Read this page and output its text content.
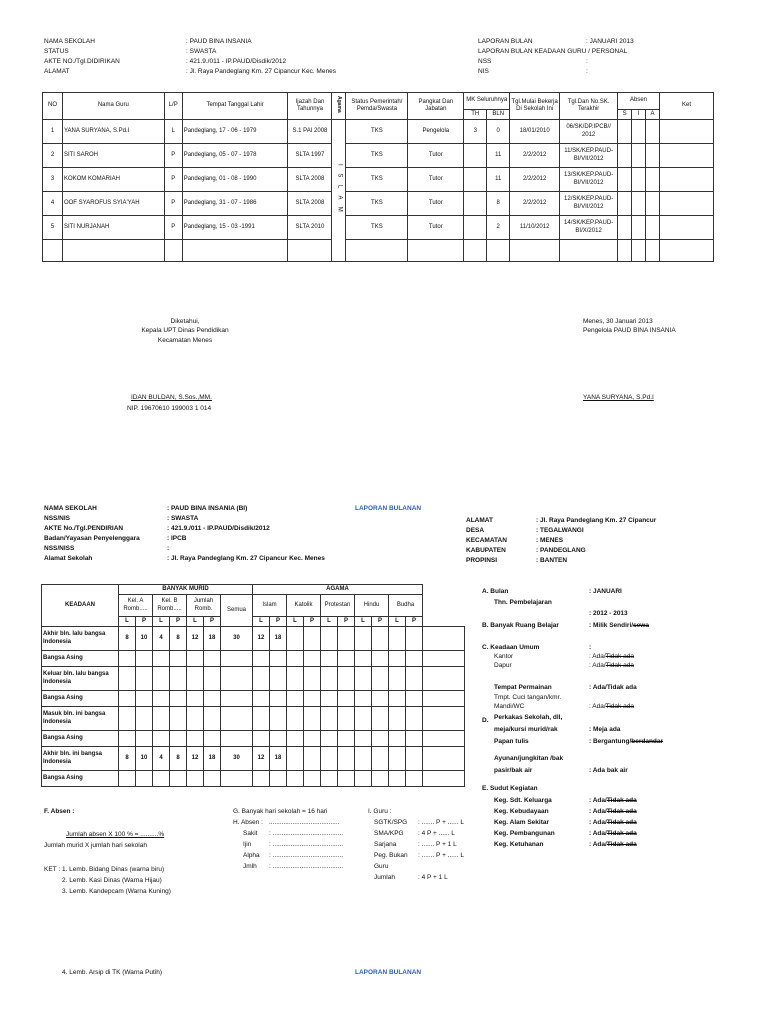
NAMA SEKOLAH	: PAUD BINA INSANIA
STATUS	: SWASTA
AKTE NO./Tgl.DIDIRIKAN	: 421.9./011 - IP.PAUD/Disdik/2012
ALAMAT	: Jl. Raya Pandeglang Km. 27 Cipancur Kec. Menes
LAPORAN BULAN	: JANUARI 2013
LAPORAN BULAN KEADAAN GURU / PERSONAL
NSS	:
NIS	:
NO	Nama Guru	L/P	Tempat Tanggal Lahir	Ijazah Dan Tahunnya	Agama	Status Pemerintah/ Pemda/Swasta	Pangkat Dan Jabatan	MK Seluruhnya		Tgl.Mulai Bekerja Di Sekolah Ini	Tgl.Dan No.SK. Terakhir	Absen			Ket
								TH	BLN			S	I	A	
1	YANA SURYANA, S.Pd.I	L	Pandeglang, 17 - 06 - 1979	S.1 PAI 2008	I S L A M	TKS	Pengelola	3	0	18/01/2010	06/SK/DP.IPCB// 2012				
2	SITI SAROH	P	Pandeglang, 05 - 07 - 1978	SLTA 1997		TKS	Tutor		11	2/2/2012	11/SK/KEP.PAUD-BI/VII/2012				
3	KOKOM KOMARIAH	P	Pandeglang, 01 - 08 - 1990	SLTA 2008		TKS	Tutor		11	2/2/2012	13/SK/KEP.PAUD-BI/VII/2012				
4	OOF SYAROFUS SYIA'YAH	P	Pandeglang, 31 - 07 - 1986	SLTA 2008		TKS	Tutor		8	2/2/2012	12/SK/KEP.PAUD-BI/VII/2012				
5	SITI NURJANAH	P	Pandeglang, 15 - 03 -1991	SLTA 2010		TKS	Tutor		2	11/10/2012	14/SK/KEP.PAUD-BI/X/2012				

Diketahui,
Kepala UPT Dinas Pendidikan
Kecamatan Menes
IDAN BULDAN, S.Sos.,MM.
NIP. 19670610 199003 1 014
Menes, 30 Januari 2013
Pengelola PAUD BINA INSANIA
YANA SURYANA, S.Pd.I
NAMA SEKOLAH	: PAUD BINA INSANIA (BI)
NSS/NIS	: SWASTA
AKTE No./Tgl.PENDIRIAN	: 421.9./011 - IP.PAUD/Disdik/2012
Badan/Yayasan Penyelenggara	: IPCB
NSS/NISS	:
Alamat Sekolah	: Jl. Raya Pandeglang Km. 27 Cipancur Kec. Menes
LAPORAN BULANAN
ALAMAT	: Jl. Raya Pandeglang Km. 27 Cipancur
DESA	: TEGALWANGI
KECAMATAN	: MENES
KABUPATEN	: PANDEGLANG
PROPINSI	: BANTEN
KEADAAN	BANYAK MURID							AGAMA										
	Kel. A Romb.....		Kel. B Romb.....		Jumlah Romb.		Semua	Islam		Katolik		Protestan		Hindu		Budha		
	L	P	L	P	L	P		L	P	L	P	L	P	L	P	L	P	
Akhir bln. lalu bangsa Indonesia	8	10	4	8	12	18	30	12	18									
Bangsa Asing																		
Keluar bln. lalu bangsa Indonesia																		
Bangsa Asing																		
Masuk bln. ini bangsa Indonesia																		
Bangsa Asing																		
Akhir bln. ini bangsa Indonesia	8	10	4	8	12	18	30	12	18									
Bangsa Asing																		
A. Bulan	: JANUARI
Thn. Pembelajaran
: 2012 - 2013
B. Banyak Ruang Belajar	: Milik Sendiri/sewa
C. Keadaan Umum	:
Kantor	: Ada/Tidak ada
Dapur	: Ada/Tidak ada
Tempat Permainan	: Ada/Tidak ada
Tmpt. Cuci tangan/kmr.
Mandi/WC	: Ada/Tidak ada
D. Perkakas Sekolah, dll,
meja/kursi murid/rak	: Meja ada
Papan tulis	: Bergantung/berdandar
Ayunan/jungkitan /bak
pasir/bak air	: Ada bak air
E. Sudut Kegiatan
Keg. Sdt. Keluarga	: Ada/ Tidak ada
Keg. Kebudayaan	: Ada/ Tidak ada
Keg. Alam Sekitar	: Ada/ Tidak ada
Keg. Pembangunan	: Ada/ Tidak ada
Keg. Ketuhanan	: Ada/ Tidak ada
F. Absen :
Jumlah absen X 100 % = ..........%
Jumlah murid X jumlah hari sekolah
KET : 1. Lemb. Bidang Dinas (warna biru)
2. Lemb. Kasi Dinas (Warna Hijau)
3. Lemb. Kandepcam (Warna Kuning)
4. Lemb. Arsip di TK (Warna Putih)
G. Banyak hari sekolah = 16 hari
H. Absen : .......................................
Sakit	: .......................................
Ijin	: .......................................
Alpha	: .......................................
Jmlh	: .......................................
I. Guru :
SGTK/SPG	: ....... P + ...... L
SMA/KPG	: 4 P + ...... L
Sarjana	: ....... P + 1 L
Peg. Bukan	: ....... P + ...... L
Guru
Jumlah	: 4 P + 1 L
LAPORAN BULANAN
